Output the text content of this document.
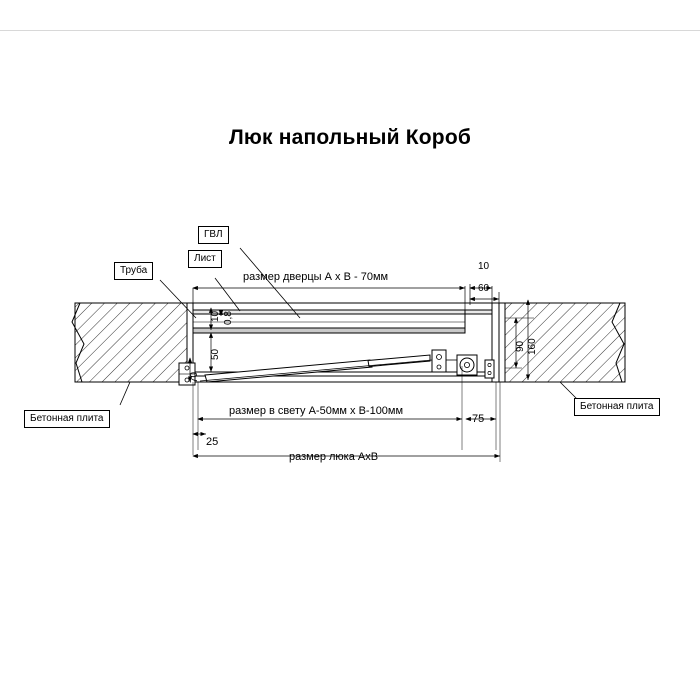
Люк напольный Короб
Труба
Лист
ГВЛ
Бетонная плита
Бетонная плита
размер дверцы А х В - 70мм
размер в свету А-50мм х В-100мм
размер люка АхВ
10
60
10 0,8
50
70
90 160
25
75
